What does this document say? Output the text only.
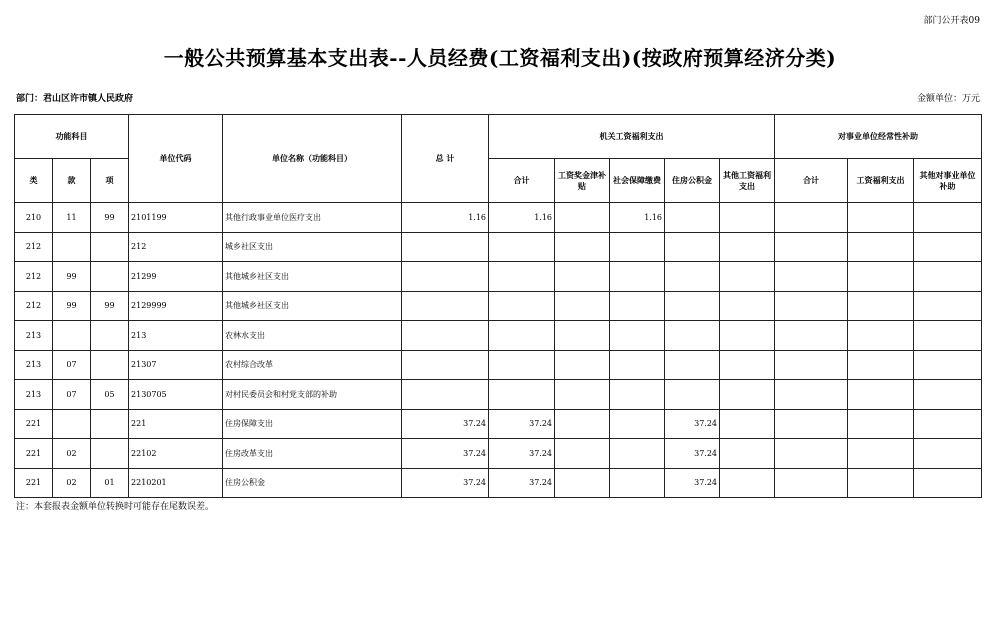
部门公开表09
一般公共预算基本支出表--人员经费(工资福利支出)(按政府预算经济分类)
部门：君山区许市镇人民政府	金额单位：万元
功能科目			单位代码	单位名称（功能科目）	总 计	机关工资福利支出					对事业单位经常性补助		
类	款	项				合计	工资奖金津补贴	社会保障缴费	住房公积金	其他工资福利支出	合计	工资福利支出	其他对事业单位补助
210	11	99	2101199	其他行政事业单位医疗支出	1.16	1.16		1.16					
212			212	城乡社区支出									
212	99		21299	其他城乡社区支出									
212	99	99	2129999	其他城乡社区支出									
213			213	农林水支出									
213	07		21307	农村综合改革									
213	07	05	2130705	对村民委员会和村党支部的补助									
221			221	住房保障支出	37.24	37.24			37.24				
221	02		22102	住房改革支出	37.24	37.24			37.24				
221	02	01	2210201	住房公积金	37.24	37.24			37.24				
注：本套报表金额单位转换时可能存在尾数误差。
